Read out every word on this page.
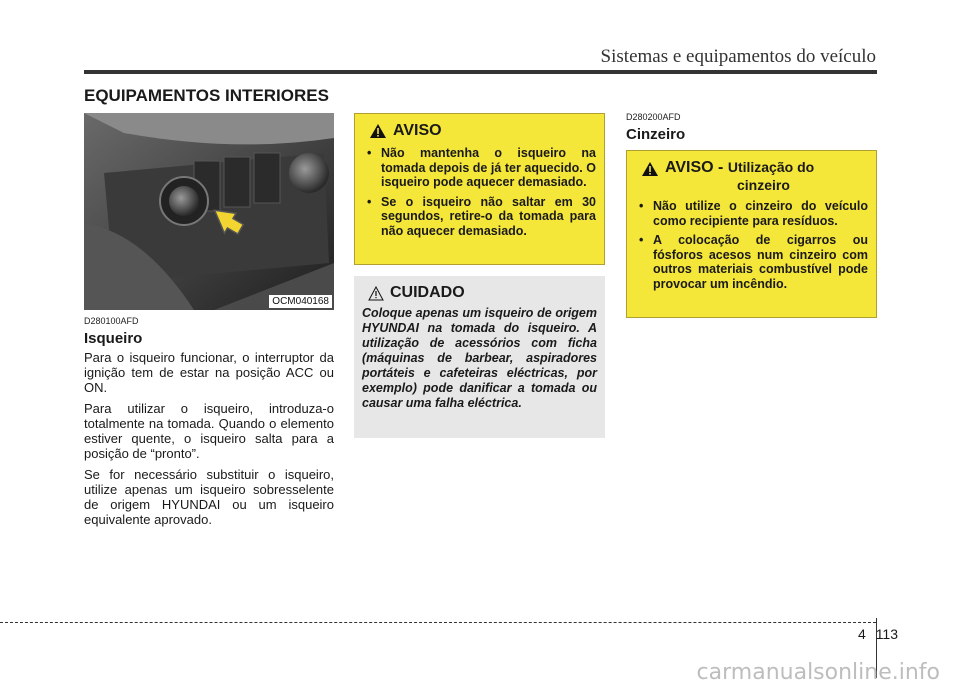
Sistemas e equipamentos do veículo
EQUIPAMENTOS INTERIORES
OCM040168
D280100AFD
Isqueiro

Para o isqueiro funcionar, o interruptor da ignição tem de estar na posição ACC ou ON.

Para utilizar o isqueiro, introduza-o totalmente na tomada. Quando o elemento estiver quente, o isqueiro salta para a posição de “pronto”.

Se for necessário substituir o isqueiro, utilize apenas um isqueiro sobresselente de origem HYUNDAI ou um isqueiro equivalente aprovado.

AVISO
• Não mantenha o isqueiro na tomada depois de já ter aquecido. O isqueiro pode aquecer demasiado.
• Se o isqueiro não saltar em 30 segundos, retire-o da tomada para não aquecer demasiado.
CUIDADO
Coloque apenas um isqueiro de origem HYUNDAI na tomada do isqueiro. A utilização de acessórios com ficha (máquinas de barbear, aspiradores portáteis e cafeteiras eléctricas, por exemplo) pode danificar a tomada ou causar uma falha eléctrica.
D280200AFD
Cinzeiro
AVISO - Utilização do
cinzeiro
• Não utilize o cinzeiro do veículo como recipiente para resíduos.
• A colocação de cigarros ou fósforos acesos num cinzeiro com outros materiais combustível pode provocar um incêndio.
4 113
carmanualsonline.info
